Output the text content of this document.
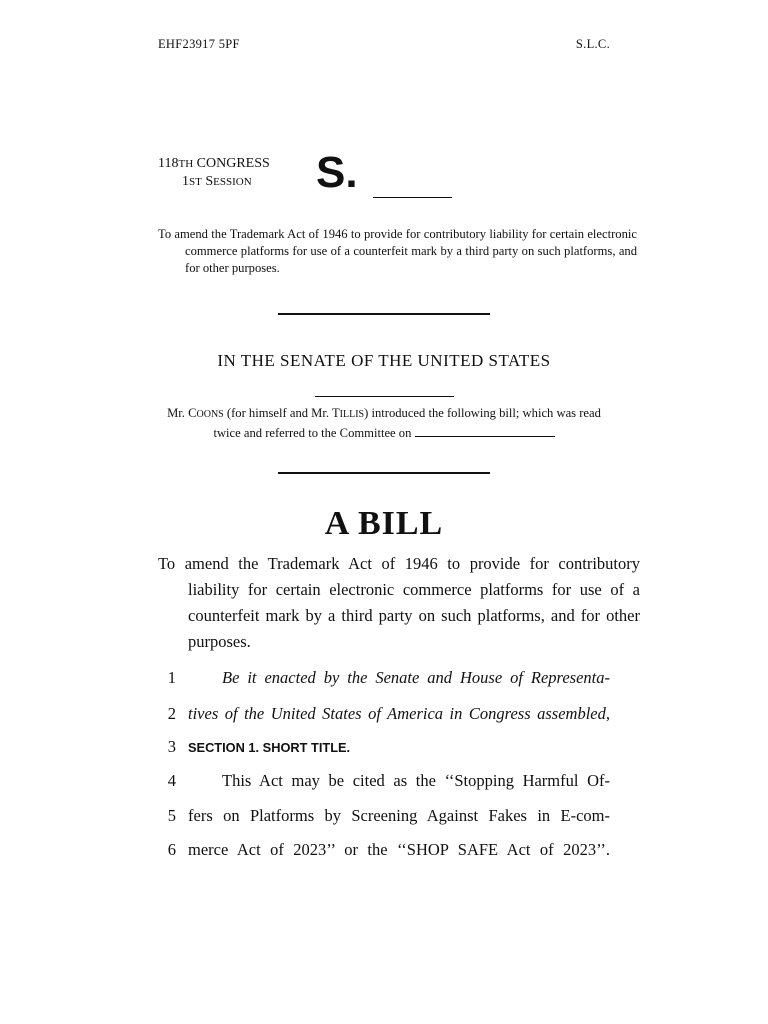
EHF23917 5PF	S.L.C.
118TH CONGRESS
1ST SESSION	S.
To amend the Trademark Act of 1946 to provide for contributory liability for certain electronic commerce platforms for use of a counterfeit mark by a third party on such platforms, and for other purposes.
IN THE SENATE OF THE UNITED STATES
Mr. COONS (for himself and Mr. TILLIS) introduced the following bill; which was read twice and referred to the Committee on
A BILL
To amend the Trademark Act of 1946 to provide for contributory liability for certain electronic commerce platforms for use of a counterfeit mark by a third party on such platforms, and for other purposes.
1	Be it enacted by the Senate and House of Representa-
2 tives of the United States of America in Congress assembled,
3 SECTION 1. SHORT TITLE.
4	This Act may be cited as the ‘‘Stopping Harmful Of-
5 fers on Platforms by Screening Against Fakes in E-com-
6 merce Act of 2023’’ or the ‘‘SHOP SAFE Act of 2023’’.
